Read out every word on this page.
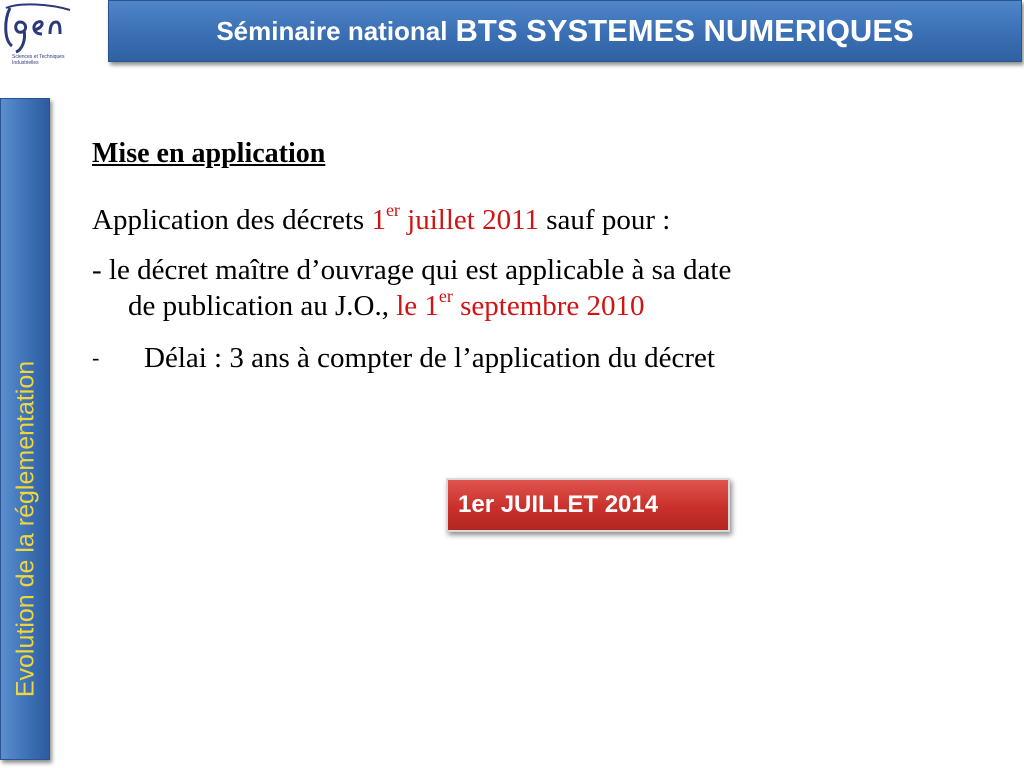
Sciences et Techniques Industrielles
Séminaire national BTS SYSTEMES NUMERIQUES
Evolution de la réglementation

Mise en application

Application des décrets 1er juillet 2011 sauf pour :

- le décret maître d’ouvrage qui est applicable à sa date
de publication au J.O., le 1er septembre 2010

-	Délai : 3 ans à compter de l’application du décret
1er JUILLET 2014
